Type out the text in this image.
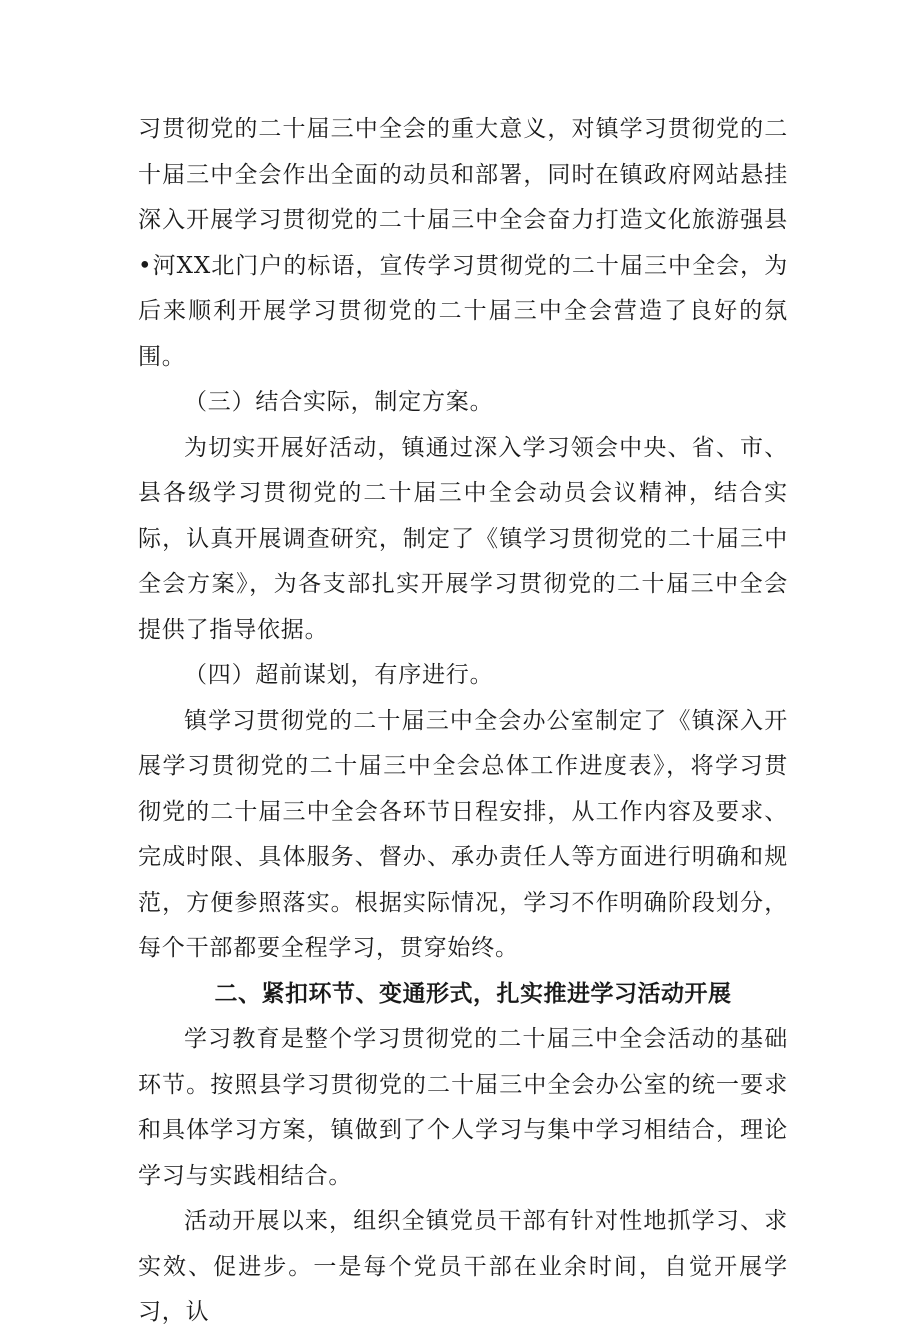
习贯彻党的二十届三中全会的重大意义，对镇学习贯彻党的二十届三中全会作出全面的动员和部署，同时在镇政府网站悬挂深入开展学习贯彻党的二十届三中全会奋力打造文化旅游强县•河XX北门户的标语，宣传学习贯彻党的二十届三中全会，为后来顺利开展学习贯彻党的二十届三中全会营造了良好的氛围。

（三）结合实际，制定方案。

为切实开展好活动，镇通过深入学习领会中央、省、市、县各级学习贯彻党的二十届三中全会动员会议精神，结合实际，认真开展调查研究，制定了《镇学习贯彻党的二十届三中全会方案》，为各支部扎实开展学习贯彻党的二十届三中全会提供了指导依据。

（四）超前谋划，有序进行。

镇学习贯彻党的二十届三中全会办公室制定了《镇深入开展学习贯彻党的二十届三中全会总体工作进度表》，将学习贯彻党的二十届三中全会各环节日程安排，从工作内容及要求、完成时限、具体服务、督办、承办责任人等方面进行明确和规范，方便参照落实。根据实际情况，学习不作明确阶段划分，每个干部都要全程学习，贯穿始终。

二、紧扣环节、变通形式，扎实推进学习活动开展

学习教育是整个学习贯彻党的二十届三中全会活动的基础环节。按照县学习贯彻党的二十届三中全会办公室的统一要求和具体学习方案，镇做到了个人学习与集中学习相结合，理论学习与实践相结合。

活动开展以来，组织全镇党员干部有针对性地抓学习、求实效、促进步。一是每个党员干部在业余时间，自觉开展学习，认
